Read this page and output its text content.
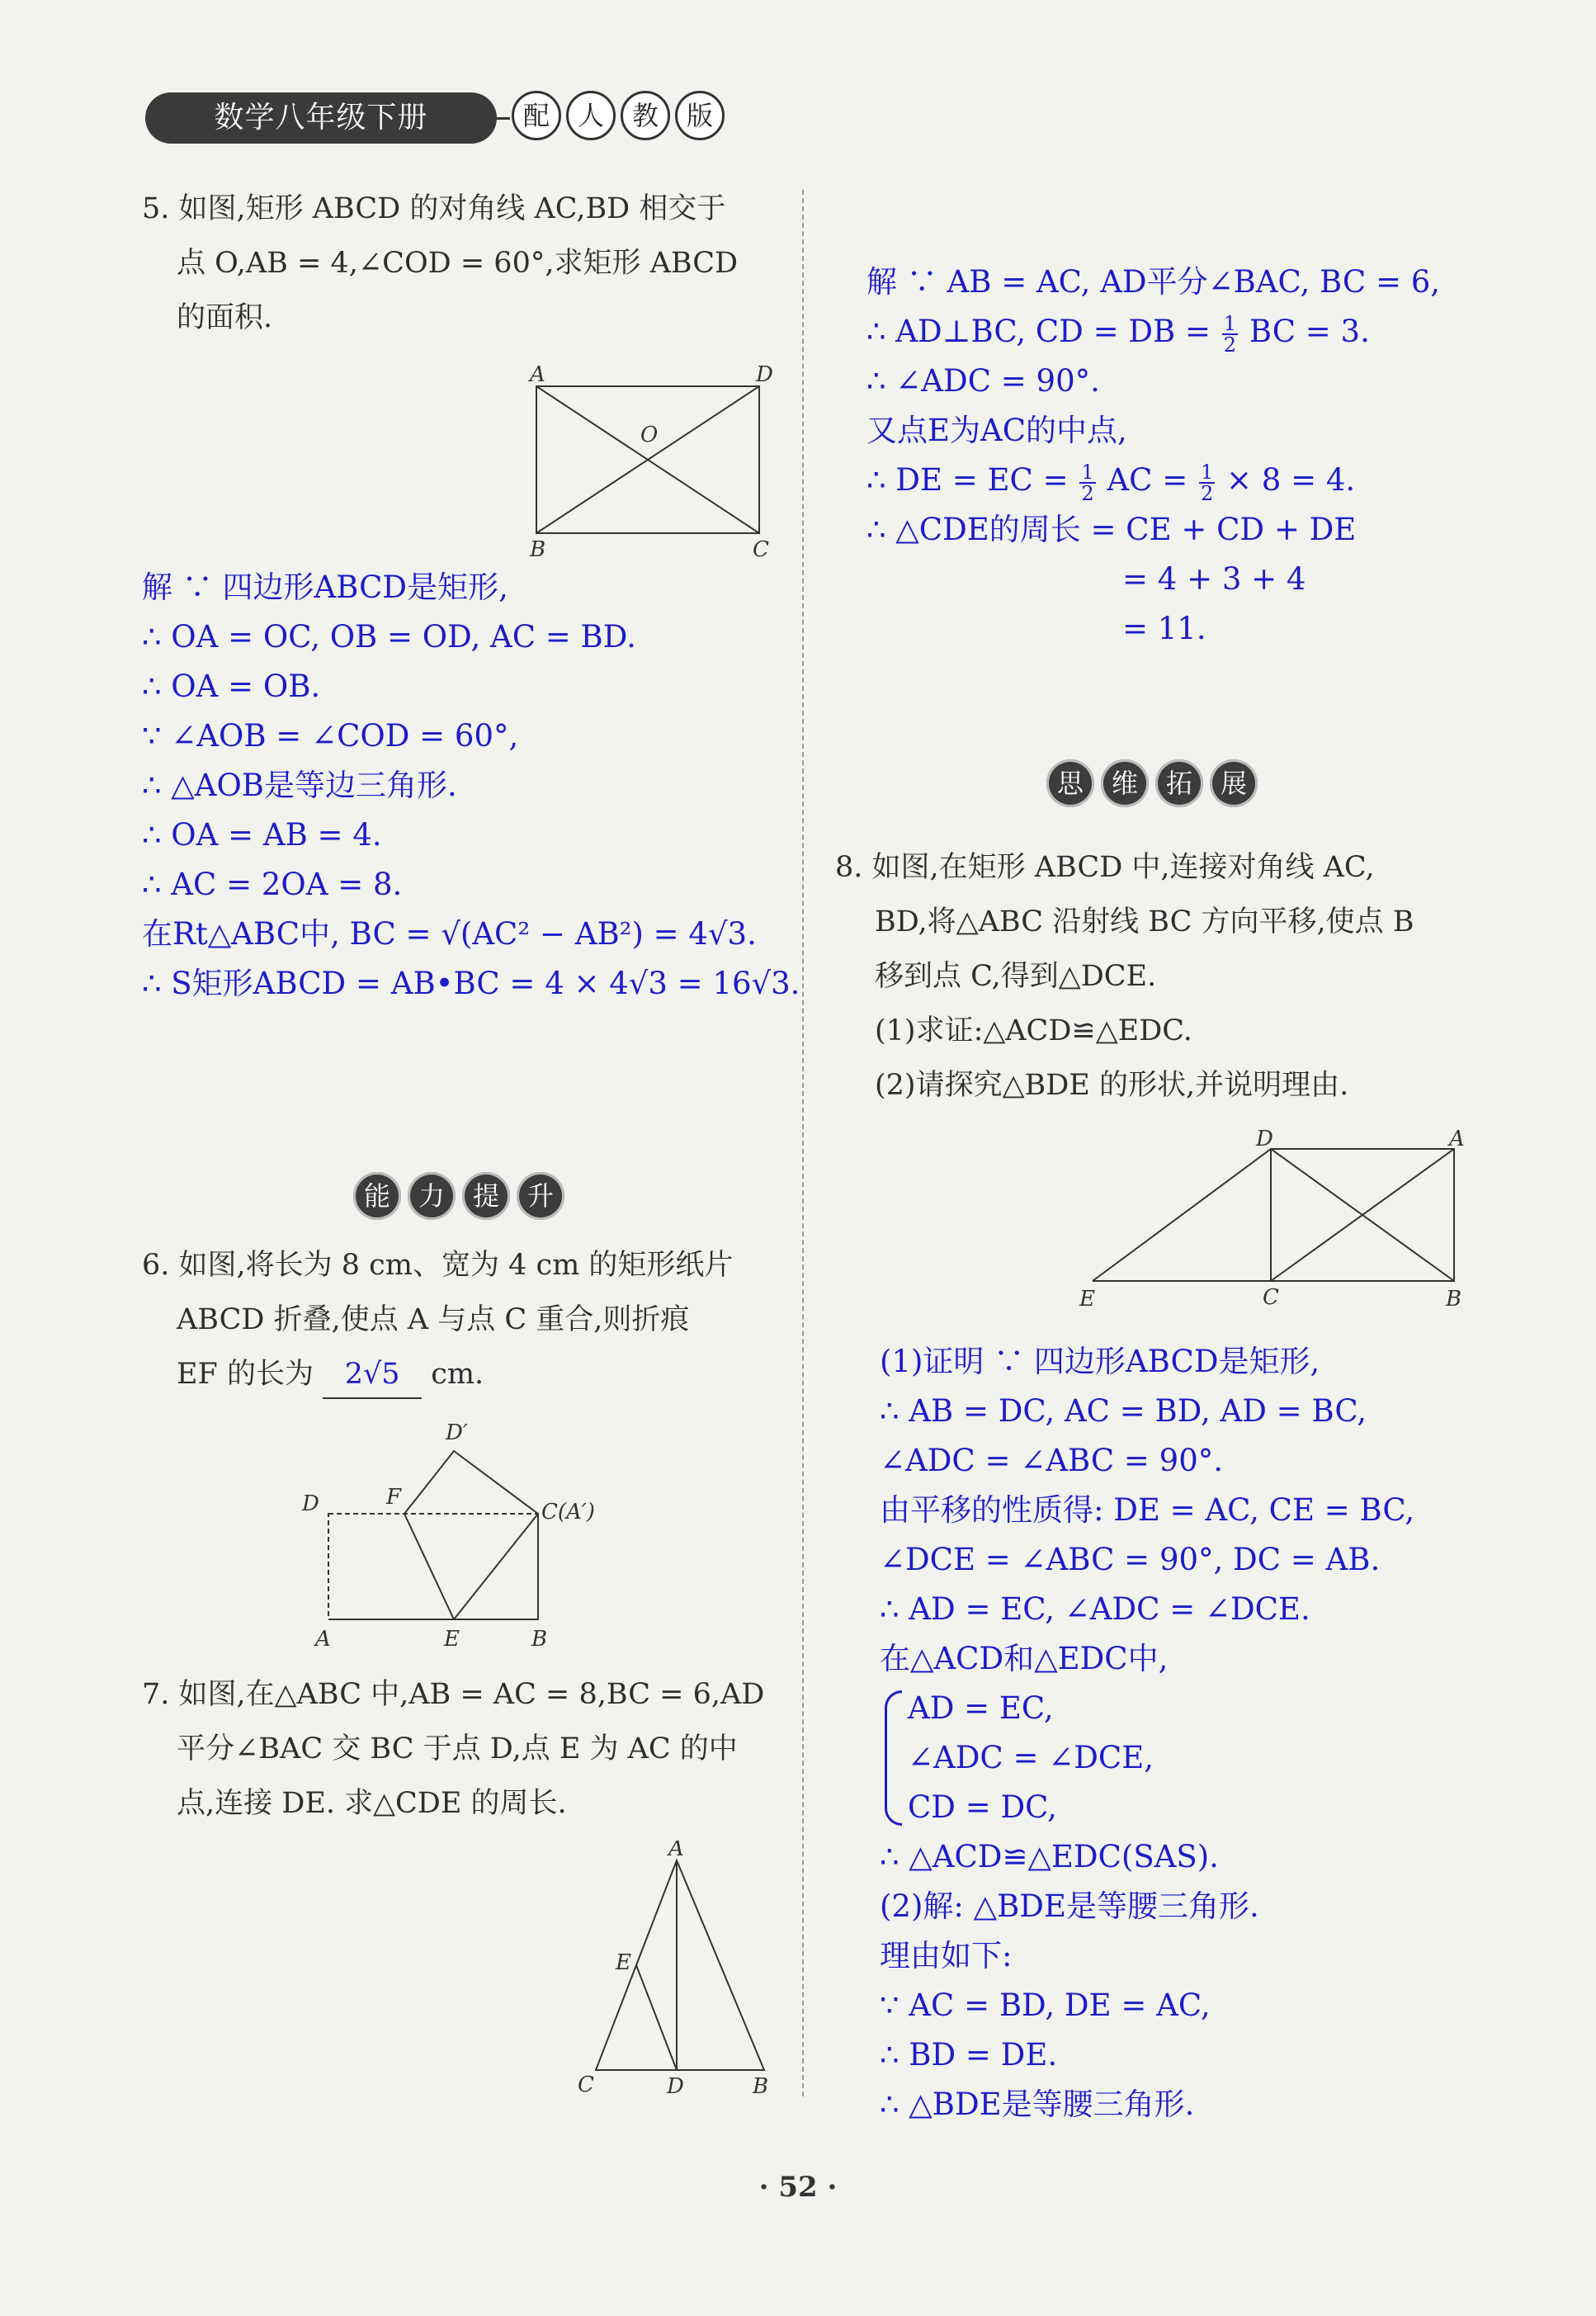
数学八年级下册	配	人	教	版
5. 如图,矩形 ABCD 的对角线 AC,BD 相交于
点 O,AB = 4,∠COD = 60°,求矩形 ABCD
的面积.
A	D
O
B	C
解 ∵ 四边形ABCD是矩形,
∴ OA = OC, OB = OD, AC = BD.
∴ OA = OB.
∵ ∠AOB = ∠COD = 60°,
∴ △AOB是等边三角形.
∴ OA = AB = 4.
∴ AC = 2OA = 8.
在Rt△ABC中, BC = √(AC² − AB²) = 4√3.
∴ S矩形ABCD = AB•BC = 4 × 4√3 = 16√3.
能	力	提	升
6. 如图,将长为 8 cm、宽为 4 cm 的矩形纸片
ABCD 折叠,使点 A 与点 C 重合,则折痕
EF 的长为 2√5 cm.
D′
D	F
C(A′)
A	E	B
7. 如图,在△ABC 中,AB = AC = 8,BC = 6,AD
平分∠BAC 交 BC 于点 D,点 E 为 AC 的中
点,连接 DE. 求△CDE 的周长.
A
E
C	D	B
解 ∵ AB = AC, AD平分∠BAC, BC = 6,
∴ AD⊥BC, CD = DB = $\frac{1}{2}$ BC = 3.
∴ ∠ADC = 90°.
又点E为AC的中点,
∴ DE = EC = $\frac{1}{2}$ AC = $\frac{1}{2} \times 8 = 4$.
∴ △CDE的周长 = CE + CD + DE
= 4 + 3 + 4
= 11.
思	维	拓	展
8. 如图,在矩形 ABCD 中,连接对角线 AC,
BD,将△ABC 沿射线 BC 方向平移,使点 B
移到点 C,得到△DCE.
(1)求证:△ACD≌△EDC.
(2)请探究△BDE 的形状,并说明理由.
D	A
E	C	B
(1)证明 ∵ 四边形ABCD是矩形,
∴ AB = DC, AC = BD, AD = BC,
∠ADC = ∠ABC = 90°.
由平移的性质得: DE = AC, CE = BC,
∠DCE = ∠ABC = 90°, DC = AB.
∴ AD = EC, ∠ADC = ∠DCE.
在△ACD和△EDC中,
AD = EC,
∠ADC = ∠DCE,
CD = DC,
∴ △ACD≌△EDC(SAS).
(2)解: △BDE是等腰三角形.
理由如下:
∵ AC = BD, DE = AC,
∴ BD = DE.
∴ △BDE是等腰三角形.
· 52 ·
